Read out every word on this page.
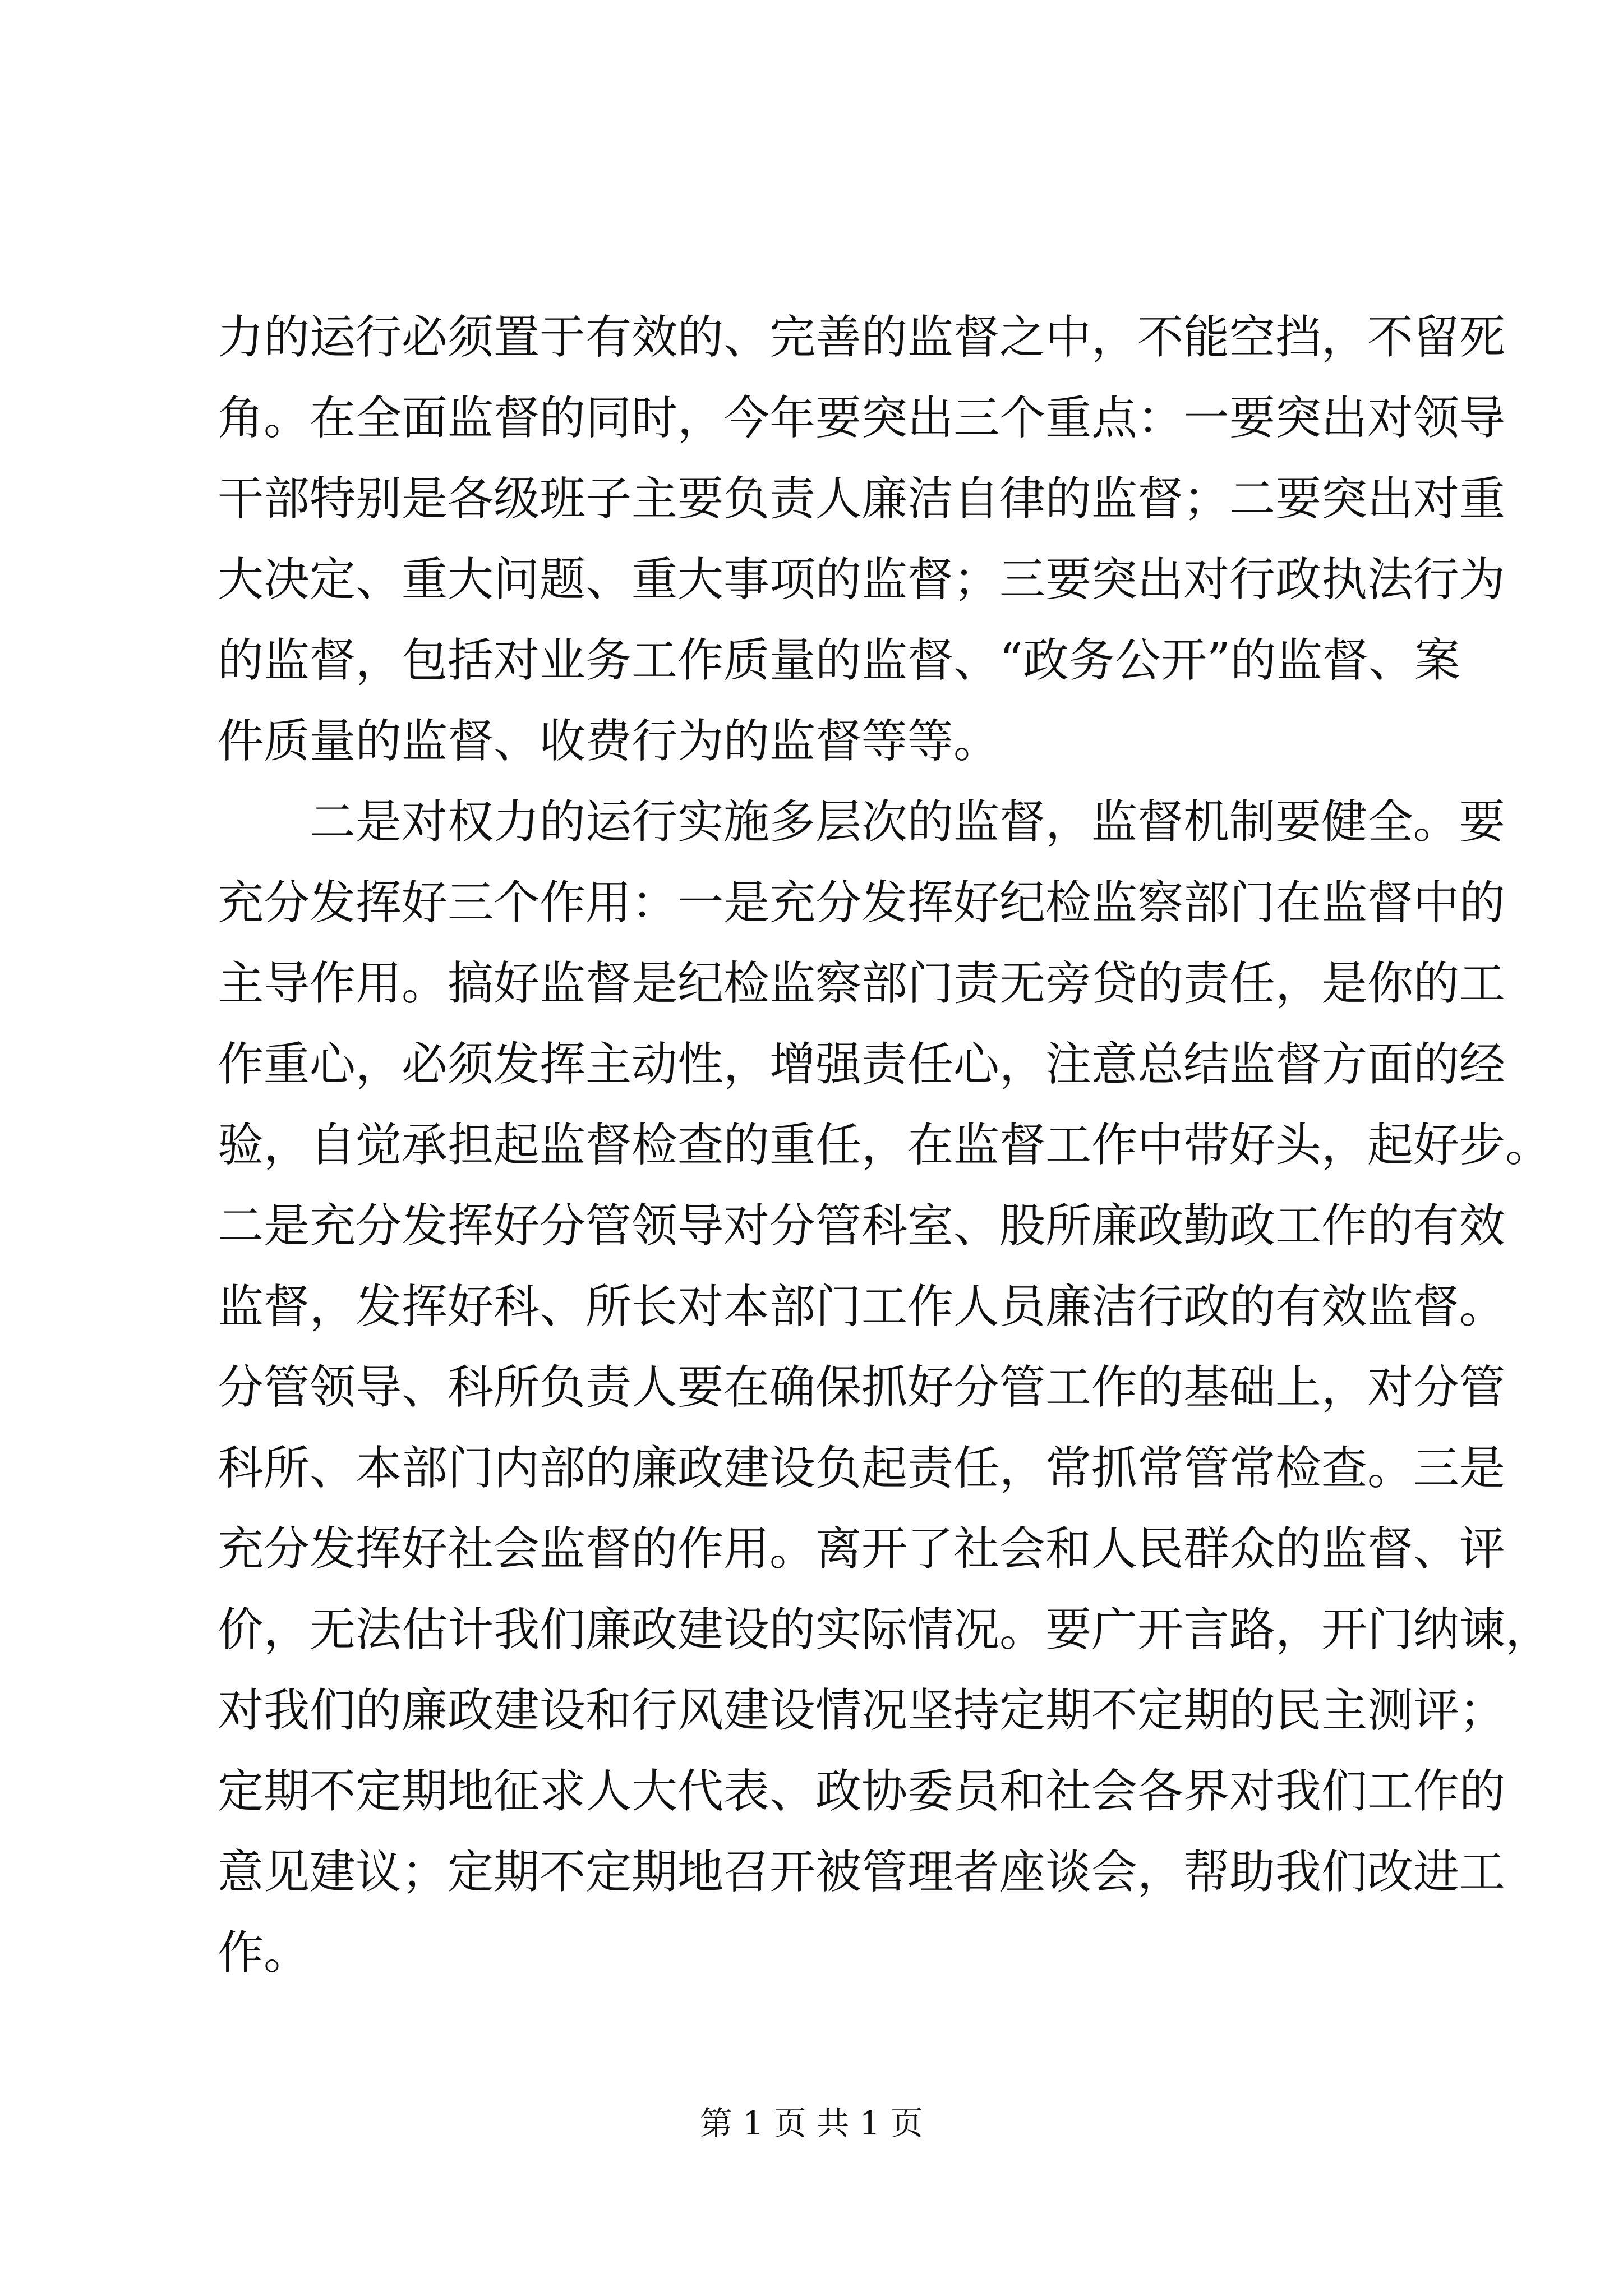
力的运行必须置于有效的、完善的监督之中，不能空挡，不留死
角。在全面监督的同时，今年要突出三个重点：一要突出对领导
干部特别是各级班子主要负责人廉洁自律的监督；二要突出对重
大决定、重大问题、重大事项的监督；三要突出对行政执法行为
的监督，包括对业务工作质量的监督、“政务公开”的监督、案
件质量的监督、收费行为的监督等等。
二是对权力的运行实施多层次的监督，监督机制要健全。要
充分发挥好三个作用：一是充分发挥好纪检监察部门在监督中的
主导作用。搞好监督是纪检监察部门责无旁贷的责任，是你的工
作重心，必须发挥主动性，增强责任心，注意总结监督方面的经
验，自觉承担起监督检查的重任，在监督工作中带好头，起好步。
二是充分发挥好分管领导对分管科室、股所廉政勤政工作的有效
监督，发挥好科、所长对本部门工作人员廉洁行政的有效监督。
分管领导、科所负责人要在确保抓好分管工作的基础上，对分管
科所、本部门内部的廉政建设负起责任，常抓常管常检查。三是
充分发挥好社会监督的作用。离开了社会和人民群众的监督、评
价，无法估计我们廉政建设的实际情况。要广开言路，开门纳谏，
对我们的廉政建设和行风建设情况坚持定期不定期的民主测评；
定期不定期地征求人大代表、政协委员和社会各界对我们工作的
意见建议；定期不定期地召开被管理者座谈会，帮助我们改进工
作。
第 1 页 共 1 页
